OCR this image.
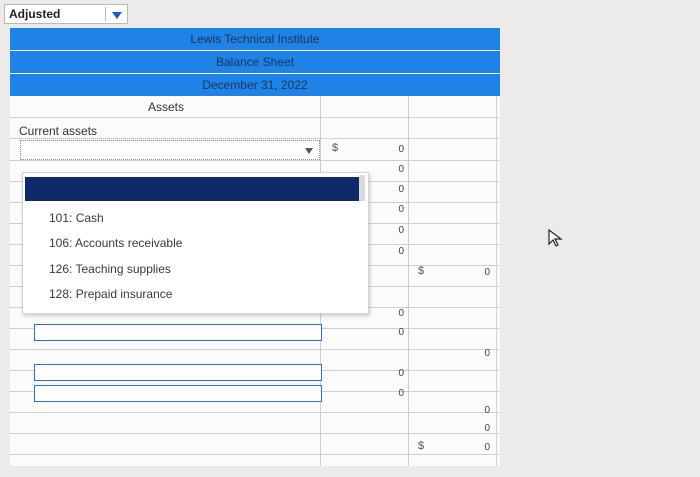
Adjusted
Lewis Technical Institute
Balance Sheet
December 31, 2022
Assets
Current assets
$
$
$
0
0
0
0
0
0
0
0
0
0
0
0
0
0
0
101: Cash
106: Accounts receivable
126: Teaching supplies
128: Prepaid insurance
